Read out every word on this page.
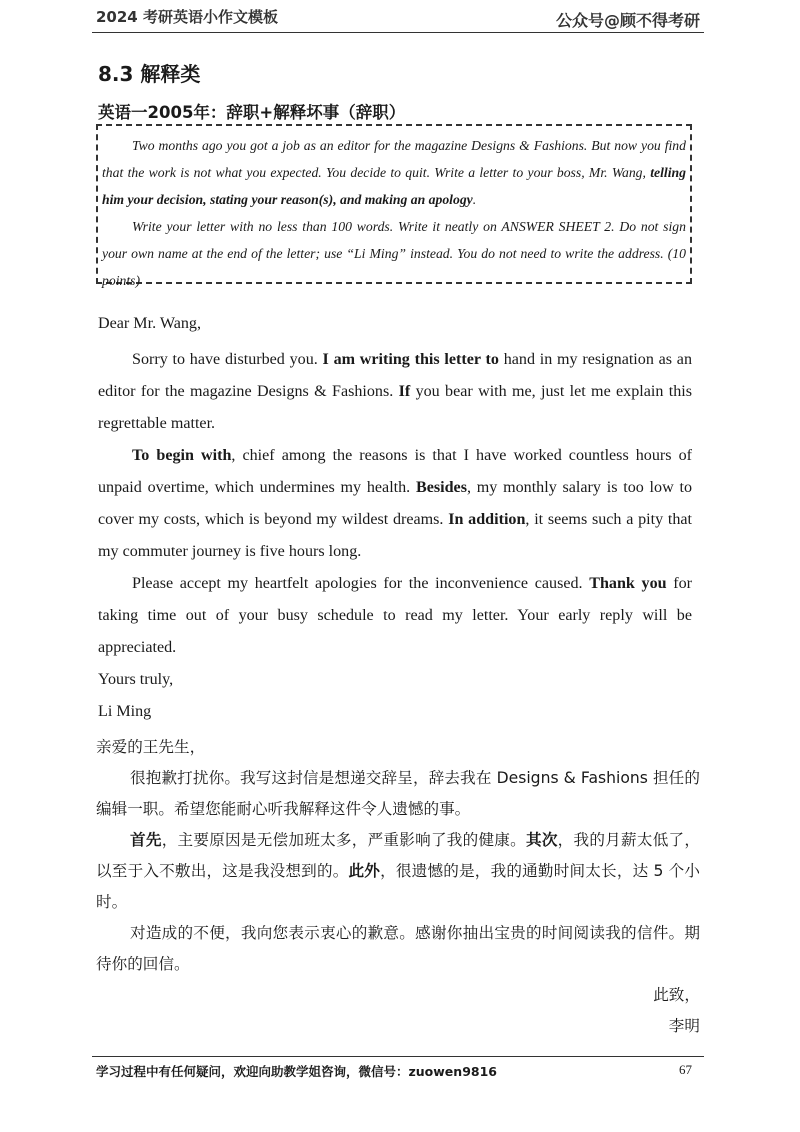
2024 考研英语小作文模板	公众号@顾不得考研
8.3 解释类
英语一2005年：辞职+解释坏事（辞职）

Two months ago you got a job as an editor for the magazine Designs & Fashions. But now you find that the work is not what you expected. You decide to quit. Write a letter to your boss, Mr. Wang, telling him your decision, stating your reason(s), and making an apology.

Write your letter with no less than 100 words. Write it neatly on ANSWER SHEET 2. Do not sign your own name at the end of the letter; use “Li Ming” instead. You do not need to write the address. (10 points)

Dear Mr. Wang,

Sorry to have disturbed you. I am writing this letter to hand in my resignation as an editor for the magazine Designs & Fashions. If you bear with me, just let me explain this regrettable matter.

To begin with, chief among the reasons is that I have worked countless hours of unpaid overtime, which undermines my health. Besides, my monthly salary is too low to cover my costs, which is beyond my wildest dreams. In addition, it seems such a pity that my commuter journey is five hours long.

Please accept my heartfelt apologies for the inconvenience caused. Thank you for taking time out of your busy schedule to read my letter. Your early reply will be appreciated.

Yours truly,

Li Ming

亲爱的王先生，

很抱歉打扰你。我写这封信是想递交辞呈，辞去我在 Designs & Fashions 担任的编辑一职。希望您能耐心听我解释这件令人遗憾的事。

首先，主要原因是无偿加班太多，严重影响了我的健康。其次，我的月薪太低了，以至于入不敷出，这是我没想到的。此外，很遗憾的是，我的通勤时间太长，达 5 个小时。

对造成的不便，我向您表示衷心的歉意。感谢你抽出宝贵的时间阅读我的信件。期待你的回信。

此致，

李明

学习过程中有任何疑问，欢迎向助教学姐咨询，微信号：zuowen9816	67
